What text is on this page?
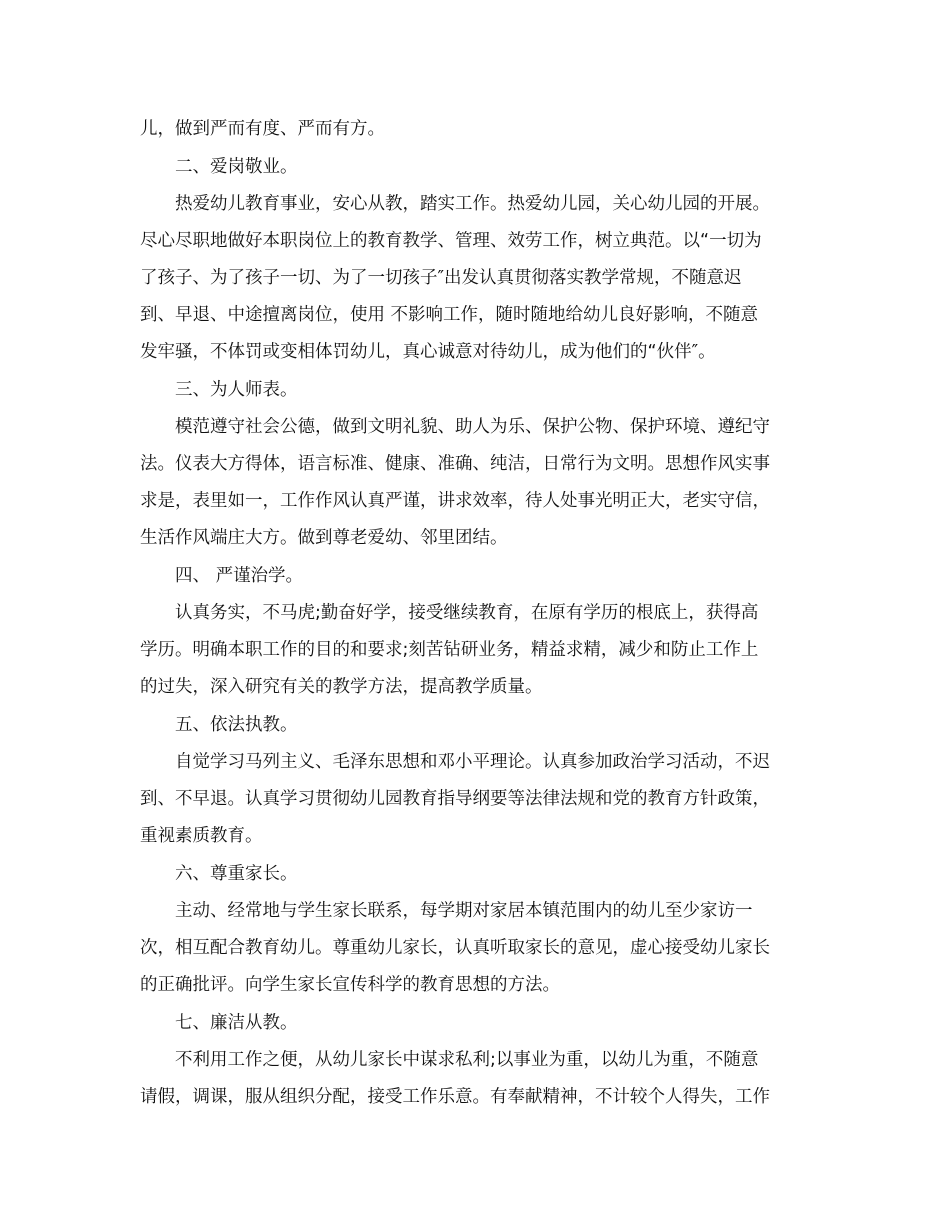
儿，做到严而有度、严而有方。
二、爱岗敬业。
热爱幼儿教育事业，安心从教，踏实工作。热爱幼儿园，关心幼儿园的开展。
尽心尽职地做好本职岗位上的教育教学、管理、效劳工作，树立典范。以“一切为
了孩子、为了孩子一切、为了一切孩子″出发认真贯彻落实教学常规，不随意迟
到、早退、中途擅离岗位，使用 不影响工作，随时随地给幼儿良好影响，不随意
发牢骚，不体罚或变相体罚幼儿，真心诚意对待幼儿，成为他们的“伙伴″。
三、为人师表。
模范遵守社会公德，做到文明礼貌、助人为乐、保护公物、保护环境、遵纪守
法。仪表大方得体，语言标准、健康、准确、纯洁，日常行为文明。思想作风实事
求是，表里如一，工作作风认真严谨，讲求效率，待人处事光明正大，老实守信，
生活作风端庄大方。做到尊老爱幼、邻里团结。
四、 严谨治学。
认真务实，不马虎;勤奋好学，接受继续教育，在原有学历的根底上，获得高
学历。明确本职工作的目的和要求;刻苦钻研业务，精益求精，减少和防止工作上
的过失，深入研究有关的教学方法，提高教学质量。
五、依法执教。
自觉学习马列主义、毛泽东思想和邓小平理论。认真参加政治学习活动，不迟
到、不早退。认真学习贯彻幼儿园教育指导纲要等法律法规和党的教育方针政策，
重视素质教育。
六、尊重家长。
主动、经常地与学生家长联系，每学期对家居本镇范围内的幼儿至少家访一
次，相互配合教育幼儿。尊重幼儿家长，认真听取家长的意见，虚心接受幼儿家长
的正确批评。向学生家长宣传科学的教育思想的方法。
七、廉洁从教。
不利用工作之便，从幼儿家长中谋求私利;以事业为重，以幼儿为重，不随意
请假，调课，服从组织分配，接受工作乐意。有奉献精神，不计较个人得失，工作
